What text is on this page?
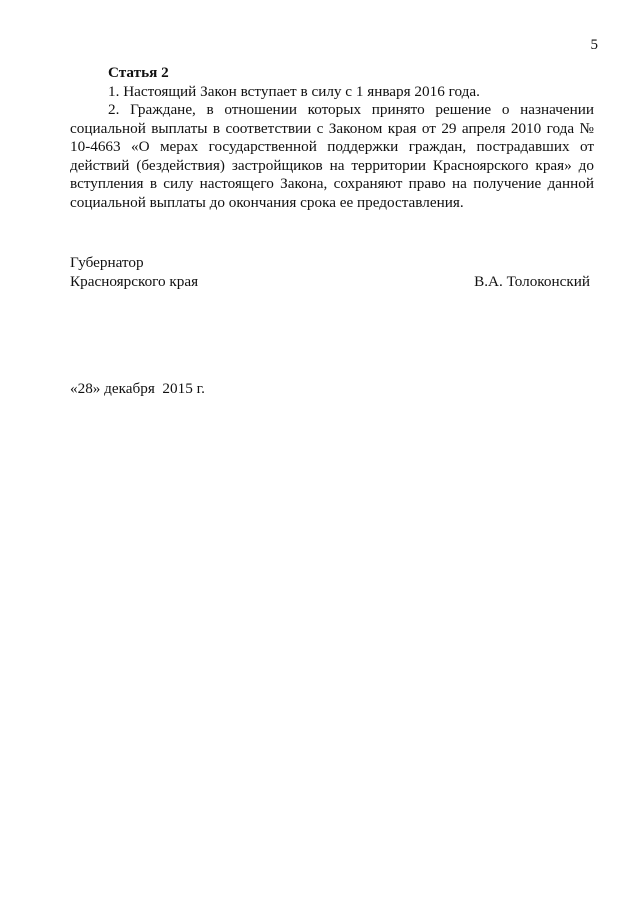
5

Статья 2

1. Настоящий Закон вступает в силу с 1 января 2016 года.

2. Граждане, в отношении которых принято решение о назначении социальной выплаты в соответствии с Законом края от 29 апреля 2010 года № 10-4663 «О мерах государственной поддержки граждан, пострадавших от действий (бездействия) застройщиков на территории Красноярского края» до вступления в силу настоящего Закона, сохраняют право на получение данной социальной выплаты до окончания срока ее предоставления.

Губернатор
Красноярского края	В.А. Толоконский
«28» декабря  2015 г.
